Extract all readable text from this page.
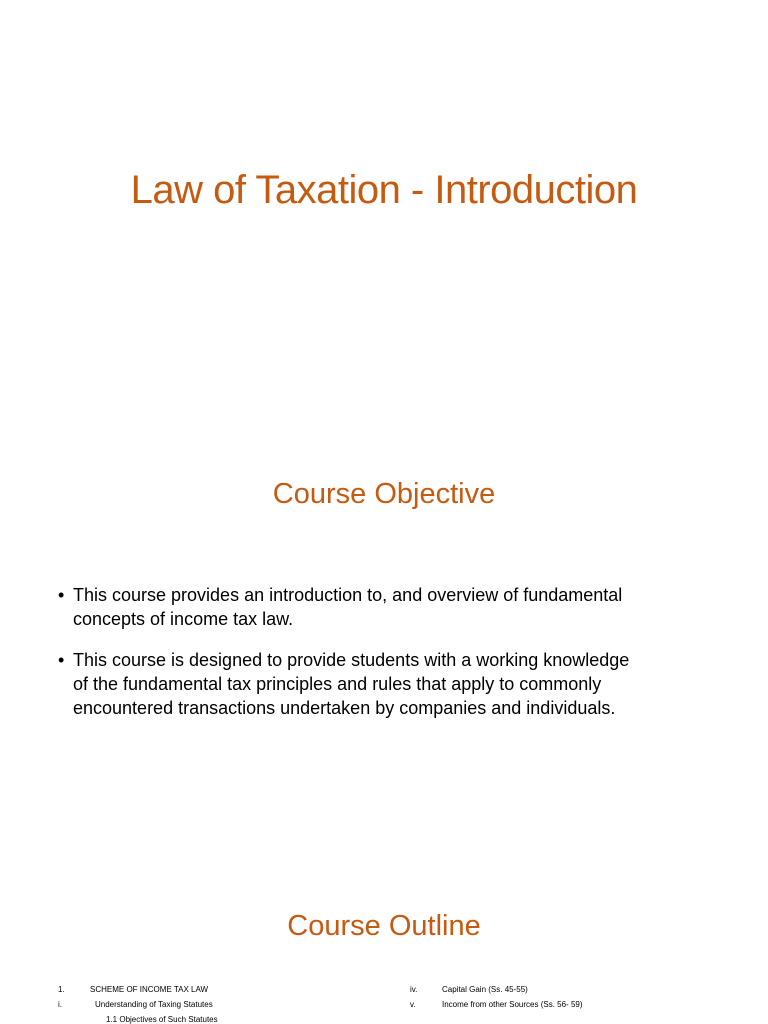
Law of Taxation - Introduction
Course Objective
• This course provides an introduction to, and overview of fundamental
concepts of income tax law.
• This course is designed to provide students with a working knowledge
of the fundamental tax principles and rules that apply to commonly
encountered transactions undertaken by companies and individuals.
Course Outline
1.	SCHEME OF INCOME TAX LAW
i.	Understanding of Taxing Statutes
1.1 Objectives of Such Statutes
iv.	Capital Gain (Ss. 45-55)
v.	Income from other Sources (Ss. 56- 59)
